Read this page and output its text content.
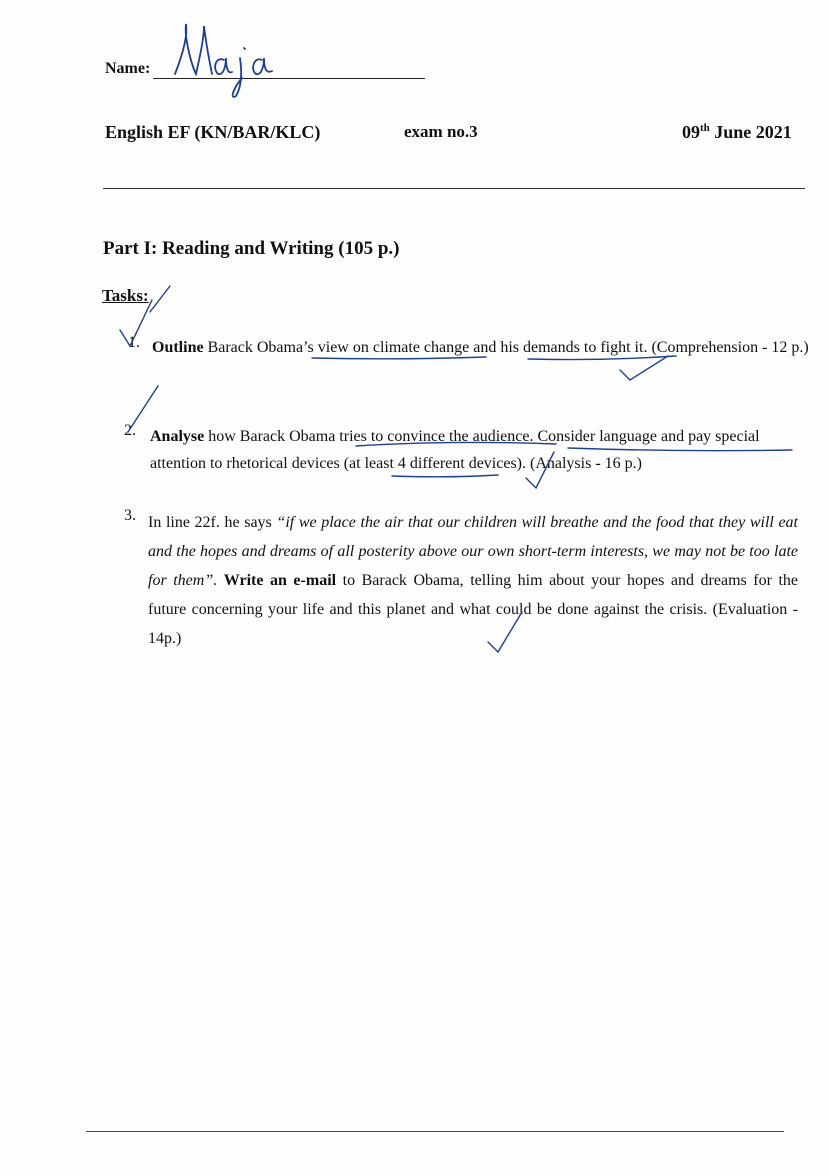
Name:
English EF (KN/BAR/KLC)	exam no.3	09th June 2021
Part I: Reading and Writing (105 p.)
Tasks:
1. Outline Barack Obama’s view on climate change and his demands to fight it. (Comprehension - 12 p.)
2. Analyse how Barack Obama tries to convince the audience. Consider language and pay special attention to rhetorical devices (at least 4 different devices). (Analysis - 16 p.)
3. In line 22f. he says “if we place the air that our children will breathe and the food that they will eat and the hopes and dreams of all posterity above our own short-term interests, we may not be too late for them”. Write an e-mail to Barack Obama, telling him about your hopes and dreams for the future concerning your life and this planet and what could be done against the crisis. (Evaluation - 14p.)
